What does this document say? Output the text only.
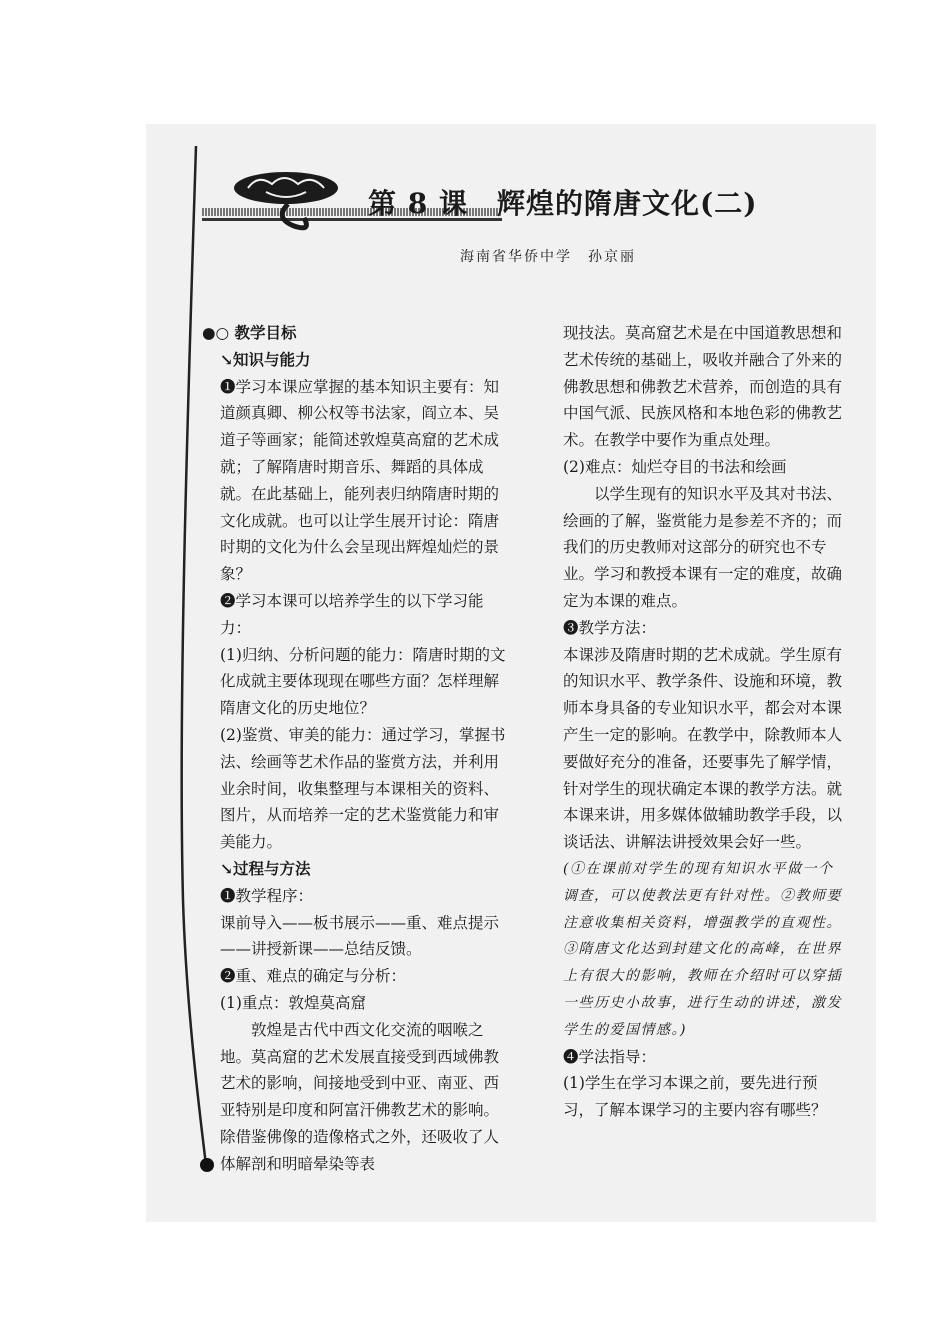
第 8 课　辉煌的隋唐文化(二)
海南省华侨中学　孙京丽

●○ 教学目标

↘知识与能力

❶学习本课应掌握的基本知识主要有：知道颜真卿、柳公权等书法家，阎立本、吴道子等画家；能简述敦煌莫高窟的艺术成就；了解隋唐时期音乐、舞蹈的具体成就。在此基础上，能列表归纳隋唐时期的文化成就。也可以让学生展开讨论：隋唐时期的文化为什么会呈现出辉煌灿烂的景象？

❷学习本课可以培养学生的以下学习能力：

(1)归纳、分析问题的能力：隋唐时期的文化成就主要体现现在哪些方面？怎样理解隋唐文化的历史地位？

(2)鉴赏、审美的能力：通过学习，掌握书法、绘画等艺术作品的鉴赏方法，并利用业余时间，收集整理与本课相关的资料、图片，从而培养一定的艺术鉴赏能力和审美能力。

↘过程与方法

❶教学程序：

课前导入——板书展示——重、难点提示——讲授新课——总结反馈。

❷重、难点的确定与分析：

(1)重点：敦煌莫高窟

敦煌是古代中西文化交流的咽喉之地。莫高窟的艺术发展直接受到西域佛教艺术的影响，间接地受到中亚、南亚、西亚特别是印度和阿富汗佛教艺术的影响。除借鉴佛像的造像格式之外，还吸收了人体解剖和明暗晕染等表

现技法。莫高窟艺术是在中国道教思想和艺术传统的基础上，吸收并融合了外来的佛教思想和佛教艺术营养，而创造的具有中国气派、民族风格和本地色彩的佛教艺术。在教学中要作为重点处理。

(2)难点：灿烂夺目的书法和绘画

以学生现有的知识水平及其对书法、绘画的了解，鉴赏能力是参差不齐的；而我们的历史教师对这部分的研究也不专业。学习和教授本课有一定的难度，故确定为本课的难点。

❸教学方法：

本课涉及隋唐时期的艺术成就。学生原有的知识水平、教学条件、设施和环境，教师本身具备的专业知识水平，都会对本课产生一定的影响。在教学中，除教师本人要做好充分的准备，还要事先了解学情，针对学生的现状确定本课的教学方法。就本课来讲，用多媒体做辅助教学手段，以谈话法、讲解法讲授效果会好一些。

(①在课前对学生的现有知识水平做一个调查，可以使教法更有针对性。②教师要注意收集相关资料，增强教学的直观性。③隋唐文化达到封建文化的高峰，在世界上有很大的影响，教师在介绍时可以穿插一些历史小故事，进行生动的讲述，激发学生的爱国情感。)

❹学法指导：

(1)学生在学习本课之前，要先进行预习，了解本课学习的主要内容有哪些？
